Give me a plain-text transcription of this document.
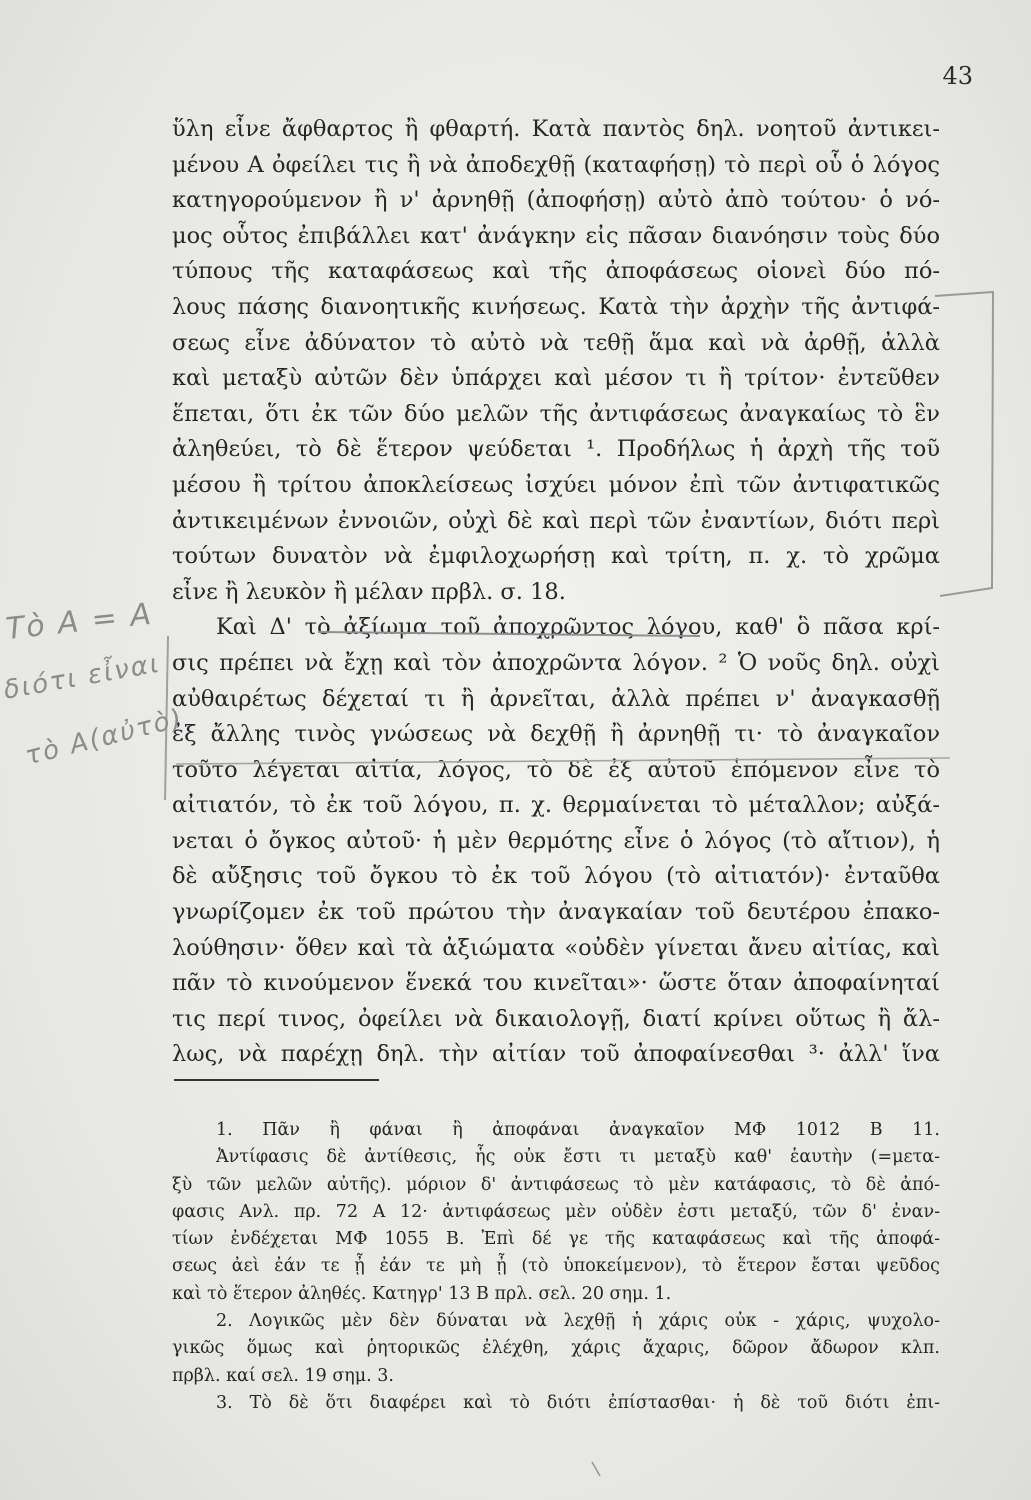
43
ὕλη εἶνε ἄφθαρτος ἢ φθαρτή. Κατὰ παντὸς δηλ. νοητοῦ ἀντικει-
μένου Α ὀφείλει τις ἢ νὰ ἀποδεχθῇ (καταφήσῃ) τὸ περὶ οὗ ὁ λόγος
κατηγορούμενον ἢ ν' ἀρνηθῇ (ἀποφήσῃ) αὐτὸ ἀπὸ τούτου· ὁ νό-
μος οὗτος ἐπιβάλλει κατ' ἀνάγκην εἰς πᾶσαν διανόησιν τοὺς δύο
τύπους τῆς καταφάσεως καὶ τῆς ἀποφάσεως οἱονεὶ δύο πό-
λους πάσης διανοητικῆς κινήσεως. Κατὰ τὴν ἀρχὴν τῆς ἀντιφά-
σεως εἶνε ἀδύνατον τὸ αὐτὸ νὰ τεθῇ ἅμα καὶ νὰ ἀρθῇ, ἀλλὰ
καὶ μεταξὺ αὐτῶν δὲν ὑπάρχει καὶ μέσον τι ἢ τρίτον· ἐντεῦθεν
ἕπεται, ὅτι ἐκ τῶν δύο μελῶν τῆς ἀντιφάσεως ἀναγκαίως τὸ ἓν
ἀληθεύει, τὸ δὲ ἕτερον ψεύδεται ¹. Προδήλως ἡ ἀρχὴ τῆς τοῦ
μέσου ἢ τρίτου ἀποκλείσεως ἰσχύει μόνον ἐπὶ τῶν ἀντιφατικῶς
ἀντικειμένων ἐννοιῶν, οὐχὶ δὲ καὶ περὶ τῶν ἐναντίων, διότι περὶ
τούτων δυνατὸν νὰ ἐμφιλοχωρήσῃ καὶ τρίτη, π. χ. τὸ χρῶμα
εἶνε ἢ λευκὸν ἢ μέλαν πρβλ. σ. 18.
Καὶ Δ' τὸ ἀξίωμα τοῦ ἀποχρῶντος λόγου, καθ' ὃ πᾶσα κρί-
σις πρέπει νὰ ἔχῃ καὶ τὸν ἀποχρῶντα λόγον. ² Ὁ νοῦς δηλ. οὐχὶ
αὐθαιρέτως δέχεταί τι ἢ ἀρνεῖται, ἀλλὰ πρέπει ν' ἀναγκασθῇ
ἐξ ἄλλης τινὸς γνώσεως νὰ δεχθῇ ἢ ἀρνηθῇ τι· τὸ ἀναγκαῖον
τοῦτο λέγεται αἰτία, λόγος, τὸ δὲ ἐξ αὐτοῦ ἑπόμενον εἶνε τὸ
αἰτιατόν, τὸ ἐκ τοῦ λόγου, π. χ. θερμαίνεται τὸ μέταλλον; αὐξά-
νεται ὁ ὄγκος αὐτοῦ· ἡ μὲν θερμότης εἶνε ὁ λόγος (τὸ αἴτιον), ἡ
δὲ αὔξησις τοῦ ὄγκου τὸ ἐκ τοῦ λόγου (τὸ αἰτιατόν)· ἐνταῦθα
γνωρίζομεν ἐκ τοῦ πρώτου τὴν ἀναγκαίαν τοῦ δευτέρου ἐπακο-
λούθησιν· ὅθεν καὶ τὰ ἀξιώματα «οὐδὲν γίνεται ἄνευ αἰτίας, καὶ
πᾶν τὸ κινούμενον ἕνεκά του κινεῖται»· ὥστε ὅταν ἀποφαίνηταί
τις περί τινος, ὀφείλει νὰ δικαιολογῇ, διατί κρίνει οὕτως ἢ ἄλ-
λως, νὰ παρέχῃ δηλ. τὴν αἰτίαν τοῦ ἀποφαίνεσθαι ³· ἀλλ' ἵνα
1. Πᾶν ἢ φάναι ἢ ἀποφάναι ἀναγκαῖον ΜΦ 1012 Β 11.
Ἀντίφασις δὲ ἀντίθεσις, ἧς οὐκ ἔστι τι μεταξὺ καθ' ἑαυτὴν (=μετα-
ξὺ τῶν μελῶν αὐτῆς). μόριον δ' ἀντιφάσεως τὸ μὲν κατάφασις, τὸ δὲ ἀπό-
φασις Ανλ. πρ. 72 Α 12· ἀντιφάσεως μὲν οὐδὲν ἐστι μεταξύ, τῶν δ' ἐναν-
τίων ἐνδέχεται ΜΦ 1055 Β. Ἐπὶ δέ γε τῆς καταφάσεως καὶ τῆς ἀποφά-
σεως ἀεὶ ἐάν τε ᾖ ἐάν τε μὴ ᾖ (τὸ ὑποκείμενον), τὸ ἕτερον ἔσται ψεῦδος
καὶ τὸ ἕτερον ἀληθές. Κατηγρ' 13 Β πρλ. σελ. 20 σημ. 1.
2. Λογικῶς μὲν δὲν δύναται νὰ λεχθῇ ἡ χάρις οὐκ - χάρις, ψυχολο-
γικῶς ὅμως καὶ ῥητορικῶς ἐλέχθη, χάρις ἄχαρις, δῶρον ἄδωρον κλπ.
πρβλ. καί σελ. 19 σημ. 3.
3. Τὸ δὲ ὅτι διαφέρει καὶ τὸ διότι ἐπίστασθαι· ἡ δὲ τοῦ διότι ἐπι-
Τὸ Α = Α
διότι εἶναι
τὸ Α(αὐτὸ)
